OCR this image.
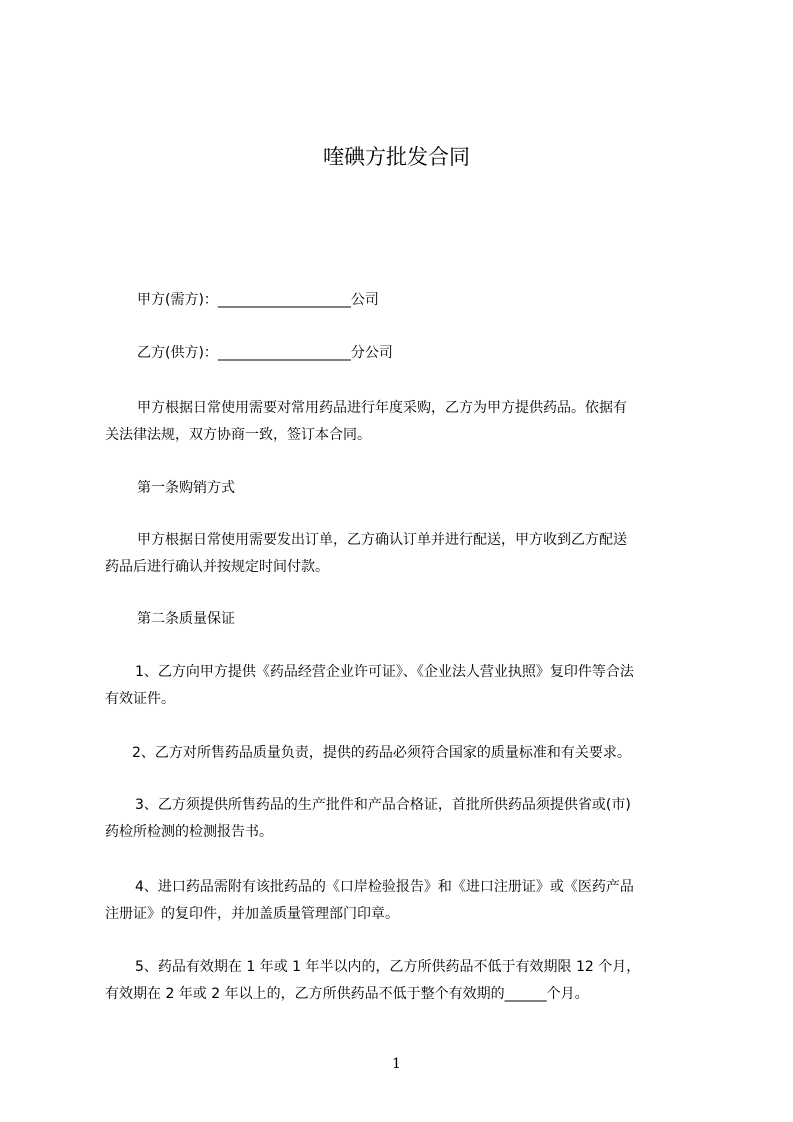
喹碘方批发合同
甲方(需方)：___________________公司
乙方(供方)：___________________分公司
甲方根据日常使用需要对常用药品进行年度采购，乙方为甲方提供药品。依据有
关法律法规，双方协商一致，签订本合同。
第一条购销方式
甲方根据日常使用需要发出订单，乙方确认订单并进行配送，甲方收到乙方配送
药品后进行确认并按规定时间付款。
第二条质量保证
1、乙方向甲方提供《药品经营企业许可证》、《企业法人营业执照》复印件等合法
有效证件。
2、乙方对所售药品质量负责，提供的药品必须符合国家的质量标准和有关要求。
3、乙方须提供所售药品的生产批件和产品合格证，首批所供药品须提供省或(市)
药检所检测的检测报告书。
4、进口药品需附有该批药品的《口岸检验报告》和《进口注册证》或《医药产品
注册证》的复印件，并加盖质量管理部门印章。
5、药品有效期在 1 年或 1 年半以内的，乙方所供药品不低于有效期限 12 个月，
有效期在 2 年或 2 年以上的，乙方所供药品不低于整个有效期的______个月。
1
